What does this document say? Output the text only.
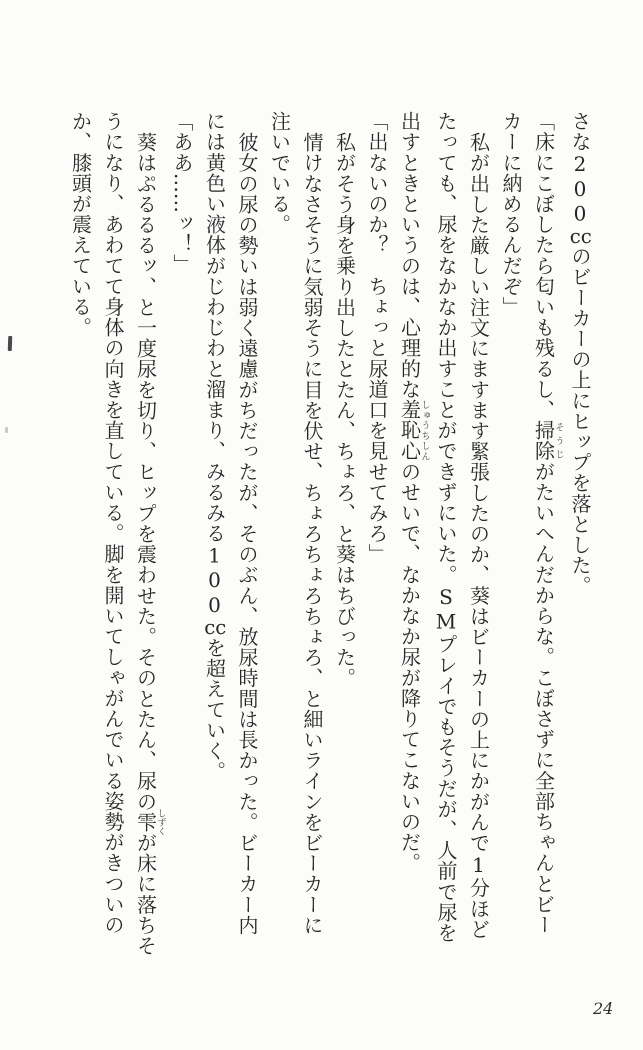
さな200ccのビーカーの上にヒップを落とした。

「床にこぼしたら匂いも残るし、掃除そうじがたいへんだからな。こぼさずに全部ちゃんとビー

カーに納めるんだぞ」

私が出した厳しい注文にますます緊張したのか、葵はビーカーの上にかがんで1分ほど

たっても、尿をなかなか出すことができずにいた。SMプレイでもそうだが、人前で尿を

出すときというのは、心理的な羞恥心しゅうちしんのせいで、なかなか尿が降りてこないのだ。

「出ないのか？　ちょっと尿道口を見せてみろ」

私がそう身を乗り出したとたん、ちょろ、と葵はちびった。

情けなさそうに気弱そうに目を伏せ、ちょろちょろちょろ、と細いラインをビーカーに

注いでいる。

彼女の尿の勢いは弱く遠慮がちだったが、そのぶん、放尿時間は長かった。ビーカー内

には黄色い液体がじわじわと溜まり、みるみる100ccを超えていく。

「ああ……ッ！」

葵はぷるるるッ、と一度尿を切り、ヒップを震わせた。そのとたん、尿の雫しずくが床に落ちそ

うになり、あわてて身体の向きを直している。脚を開いてしゃがんでいる姿勢がきついの

か、膝頭が震えている。

24
